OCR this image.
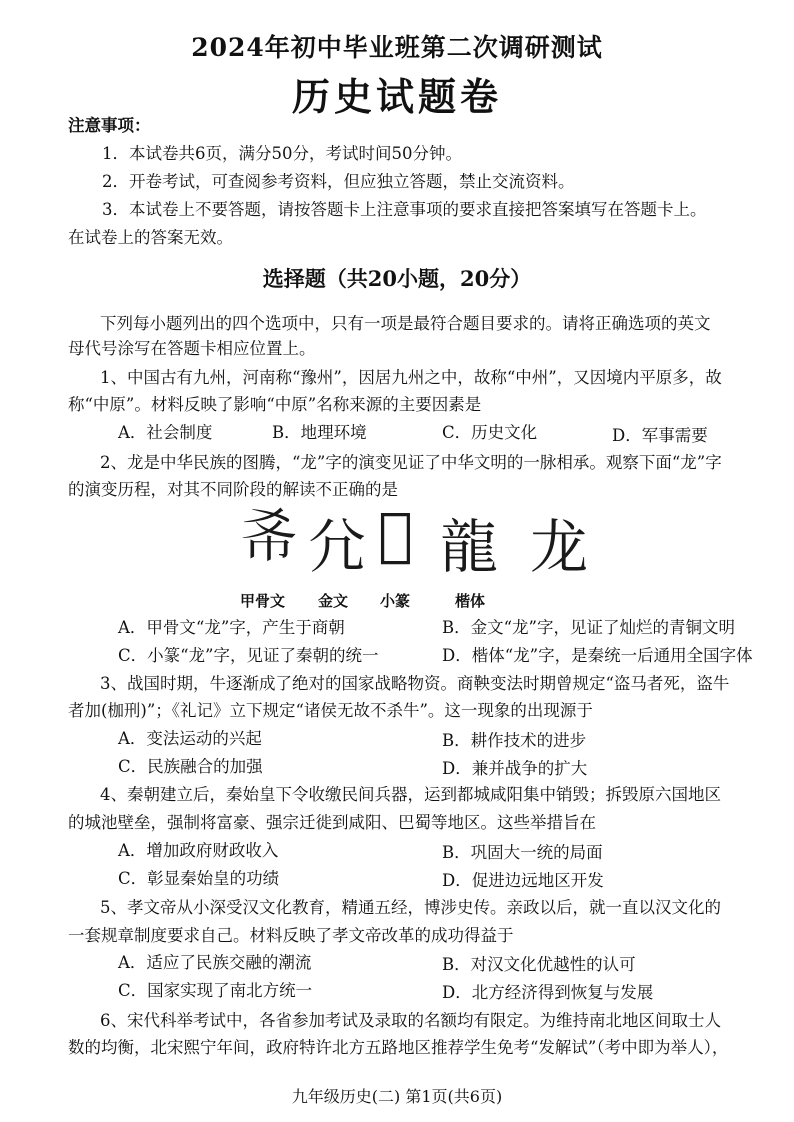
2024年初中毕业班第二次调研测试
历史试题卷
注意事项：
1．本试卷共6页，满分50分，考试时间50分钟。
2．开卷考试，可查阅参考资料，但应独立答题，禁止交流资料。
3．本试卷上不要答题，请按答题卡上注意事项的要求直接把答案填写在答题卡上。
在试卷上的答案无效。
选择题（共20小题，20分）
下列每小题列出的四个选项中，只有一项是最符合题目要求的。请将正确选项的英文
母代号涂写在答题卡相应位置上。
1、中国古有九州，河南称“豫州”，因居九州之中，故称“中州”，又因境内平原多，故
称“中原”。材料反映了影响“中原”名称来源的主要因素是
A．社会制度	B．地理环境	C．历史文化	D．军事需要
2、龙是中华民族的图腾，“龙”字的演变见证了中华文明的一脉相承。观察下面“龙”字
的演变历程，对其不同阶段的解读不正确的是
𢁫 𡯂 𧆞 龍 龙
甲骨文 金文 小篆	楷体
A．甲骨文“龙”字，产生于商朝	B．金文“龙”字，见证了灿烂的青铜文明
C．小篆“龙”字，见证了秦朝的统一	D．楷体“龙”字，是秦统一后通用全国字体
3、战国时期，牛逐渐成了绝对的国家战略物资。商鞅变法时期曾规定“盗马者死，盗牛
者加(枷刑)”；《礼记》立下规定“诸侯无故不杀牛”。这一现象的出现源于
A．变法运动的兴起	B．耕作技术的进步
C．民族融合的加强	D．兼并战争的扩大
4、秦朝建立后，秦始皇下令收缴民间兵器，运到都城咸阳集中销毁；拆毁原六国地区
的城池壁垒，强制将富豪、强宗迁徙到咸阳、巴蜀等地区。这些举措旨在
A．增加政府财政收入	B．巩固大一统的局面
C．彰显秦始皇的功绩	D．促进边远地区开发
5、孝文帝从小深受汉文化教育，精通五经，博涉史传。亲政以后，就一直以汉文化的
一套规章制度要求自己。材料反映了孝文帝改革的成功得益于
A．适应了民族交融的潮流	B．对汉文化优越性的认可
C．国家实现了南北方统一	D．北方经济得到恢复与发展
6、宋代科举考试中，各省参加考试及录取的名额均有限定。为维持南北地区间取士人
数的均衡，北宋熙宁年间，政府特许北方五路地区推荐学生免考“发解试”（考中即为举人），
九年级历史(二) 第1页(共6页)
